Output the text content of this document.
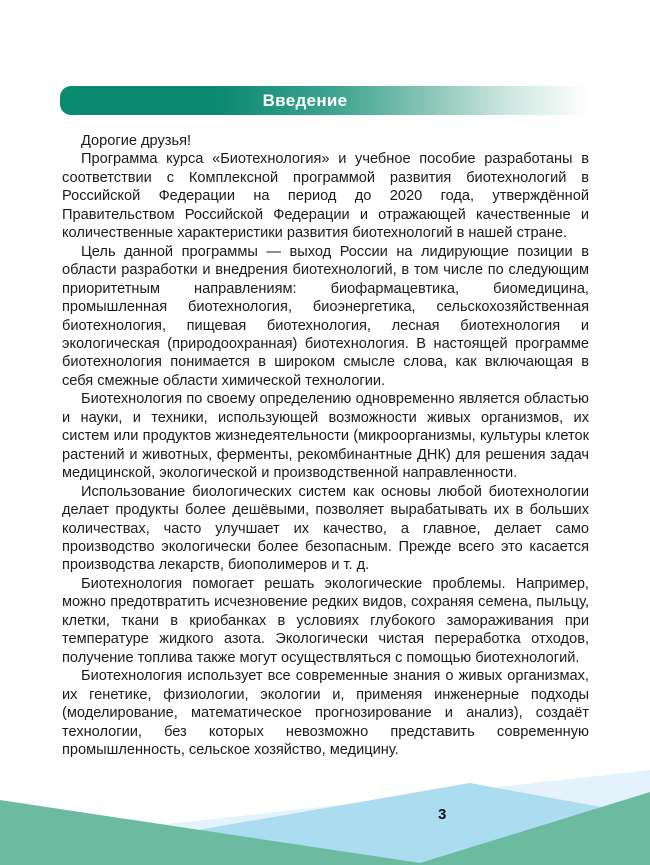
Введение

Дорогие друзья!

Программа курса «Биотехнология» и учебное пособие разработаны в соответствии с Комплексной программой развития биотехнологий в Российской Федерации на период до 2020 года, утверждённой Правительством Российской Федерации и отражающей качественные и количественные характеристики развития биотехнологий в нашей стране.

Цель данной программы — выход России на лидирующие позиции в области разработки и внедрения биотехнологий, в том числе по следующим приоритетным направлениям: биофармацевтика, биомедицина, промышленная биотехнология, биоэнергетика, сельскохозяйственная биотехнология, пищевая биотехнология, лесная биотехнология и экологическая (природоохранная) биотехнология. В настоящей программе биотехнология понимается в широком смысле слова, как включающая в себя смежные области химической технологии.

Биотехнология по своему определению одновременно является областью и науки, и техники, использующей возможности живых организмов, их систем или продуктов жизнедеятельности (микроорганизмы, культуры клеток растений и животных, ферменты, рекомбинантные ДНК) для решения задач медицинской, экологической и производственной направленности.

Использование биологических систем как основы любой биотехнологии делает продукты более дешёвыми, позволяет вырабатывать их в больших количествах, часто улучшает их качество, а главное, делает само производство экологически более безопасным. Прежде всего это касается производства лекарств, биополимеров и т. д.

Биотехнология помогает решать экологические проблемы. Например, можно предотвратить исчезновение редких видов, сохраняя семена, пыльцу, клетки, ткани в криобанках в условиях глубокого замораживания при температуре жидкого азота. Экологически чистая переработка отходов, получение топлива также могут осуществляться с помощью биотехнологий.

Биотехнология использует все современные знания о живых организмах, их генетике, физиологии, экологии и, применяя инженерные подходы (моделирование, математическое прогнозирование и анализ), создаёт технологии, без которых невозможно представить современную промышленность, сельское хозяйство, медицину.

3
